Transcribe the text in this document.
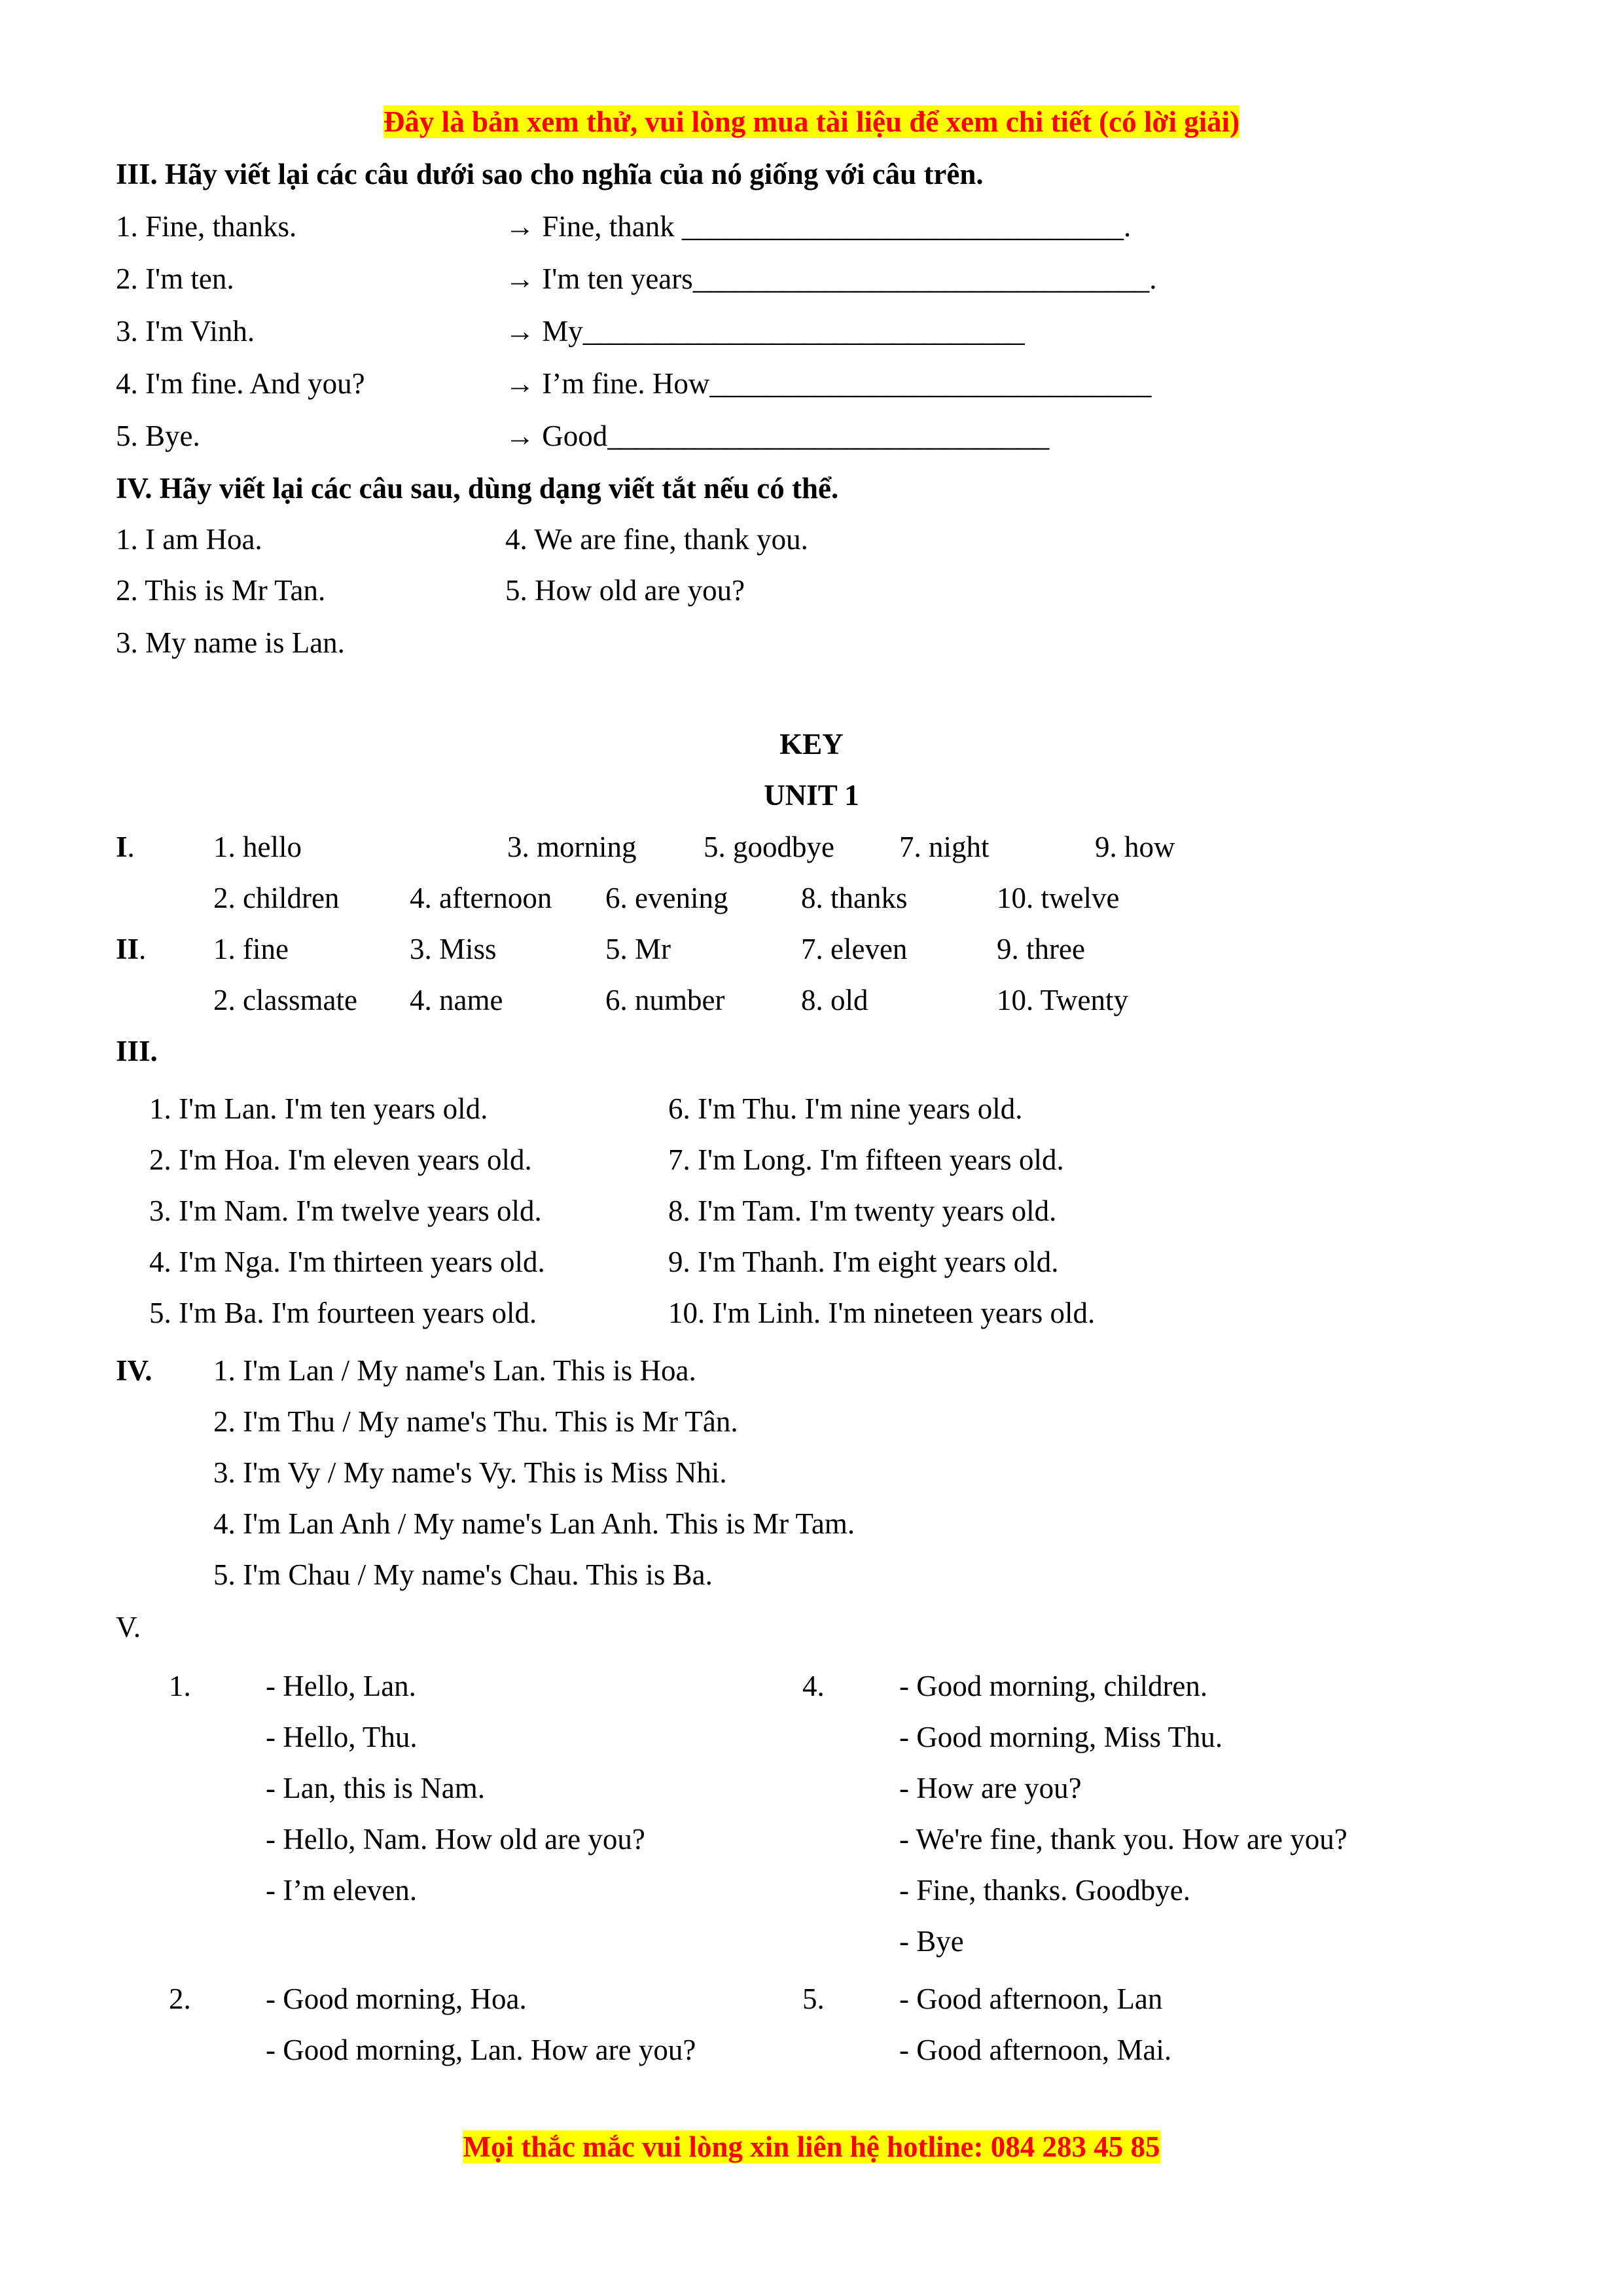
Đây là bản xem thử, vui lòng mua tài liệu để xem chi tiết (có lời giải)
III. Hãy viết lại các câu dưới sao cho nghĩa của nó giống với câu trên.
1. Fine, thanks.	→ Fine, thank ______________________________.
2. I'm ten.	→ I'm ten years_______________________________.
3. I'm Vinh.	→ My______________________________
4. I'm fine. And you?	→ I’m fine. How______________________________
5. Bye.	→ Good______________________________
IV. Hãy viết lại các câu sau, dùng dạng viết tắt nếu có thể.
1. I am Hoa.	4. We are fine, thank you.
2. This is Mr Tan.	5. How old are you?
3. My name is Lan.
KEY
UNIT 1
I.	1. hello	3. morning 5. goodbye 7. night	9. how
2. children 4. afternoon 6. evening 8. thanks	10. twelve
II. 1. fine	3. Miss	5. Mr	7. eleven	9. three
2. classmate 4. name	6. number	8. old	10. Twenty
III.
1. I'm Lan. I'm ten years old.
2. I'm Hoa. I'm eleven years old.
3. I'm Nam. I'm twelve years old.
4. I'm Nga. I'm thirteen years old.
5. I'm Ba. I'm fourteen years old.
6. I'm Thu. I'm nine years old.
7. I'm Long. I'm fifteen years old.
8. I'm Tam. I'm twenty years old.
9. I'm Thanh. I'm eight years old.
10. I'm Linh. I'm nineteen years old.
IV. 1. I'm Lan / My name's Lan. This is Hoa.
2. I'm Thu / My name's Thu. This is Mr Tân.
3. I'm Vy / My name's Vy. This is Miss Nhi.
4. I'm Lan Anh / My name's Lan Anh. This is Mr Tam.
5. I'm Chau / My name's Chau. This is Ba.
V.
1.	- Hello, Lan.
- Hello, Thu.
- Lan, this is Nam.
- Hello, Nam. How old are you?
- I’m eleven.
4.	- Good morning, children.
- Good morning, Miss Thu.
- How are you?
- We're fine, thank you. How are you?
- Fine, thanks. Goodbye.
- Bye
2.	- Good morning, Hoa.
- Good morning, Lan. How are you?
5.	- Good afternoon, Lan
- Good afternoon, Mai.
Mọi thắc mắc vui lòng xin liên hệ hotline: 084 283 45 85
